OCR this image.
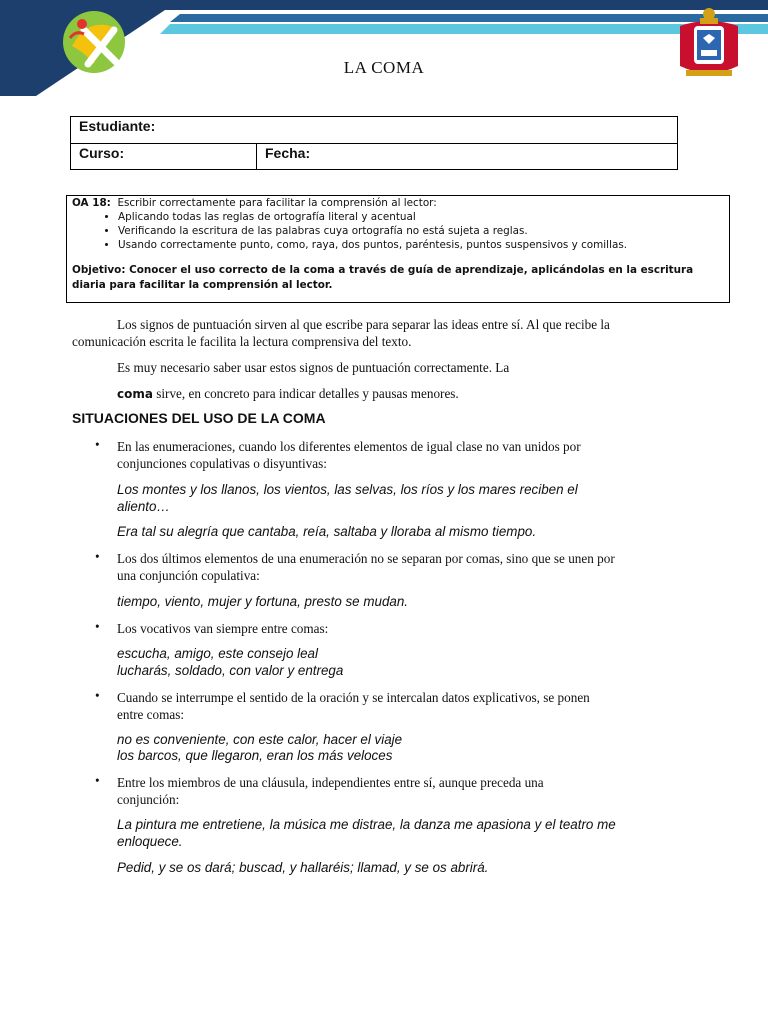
LA COMA
Estudiante:
Curso:	Fecha:
OA 18: Escribir correctamente para facilitar la comprensión al lector:
• Aplicando todas las reglas de ortografía literal y acentual
• Verificando la escritura de las palabras cuya ortografía no está sujeta a reglas.
• Usando correctamente punto, como, raya, dos puntos, paréntesis, puntos suspensivos y comillas.
Objetivo: Conocer el uso correcto de la coma a través de guía de aprendizaje, aplicándolas en la escritura diaria para facilitar la comprensión al lector.
Los signos de puntuación sirven al que escribe para separar las ideas entre sí. Al que recibe la
comunicación escrita le facilita la lectura comprensiva del texto.
Es muy necesario saber usar estos signos de puntuación correctamente. La
coma sirve, en concreto para indicar detalles y pausas menores.
SITUACIONES DEL USO DE LA COMA
• En las enumeraciones, cuando los diferentes elementos de igual clase no van unidos por
conjunciones copulativas o disyuntivas:
Los montes y los llanos, los vientos, las selvas, los ríos y los mares reciben el
aliento…
Era tal su alegría que cantaba, reía, saltaba y lloraba al mismo tiempo.
• Los dos últimos elementos de una enumeración no se separan por comas, sino que se unen por
una conjunción copulativa:
tiempo, viento, mujer y fortuna, presto se mudan.
• Los vocativos van siempre entre comas:
escucha, amigo, este consejo leal
lucharás, soldado, con valor y entrega
• Cuando se interrumpe el sentido de la oración y se intercalan datos explicativos, se ponen
entre comas:
no es conveniente, con este calor, hacer el viaje
los barcos, que llegaron, eran los más veloces
• Entre los miembros de una cláusula, independientes entre sí, aunque preceda una
conjunción:
La pintura me entretiene, la música me distrae, la danza me apasiona y el teatro me
enloquece.
Pedid, y se os dará; buscad, y hallaréis; llamad, y se os abrirá.
